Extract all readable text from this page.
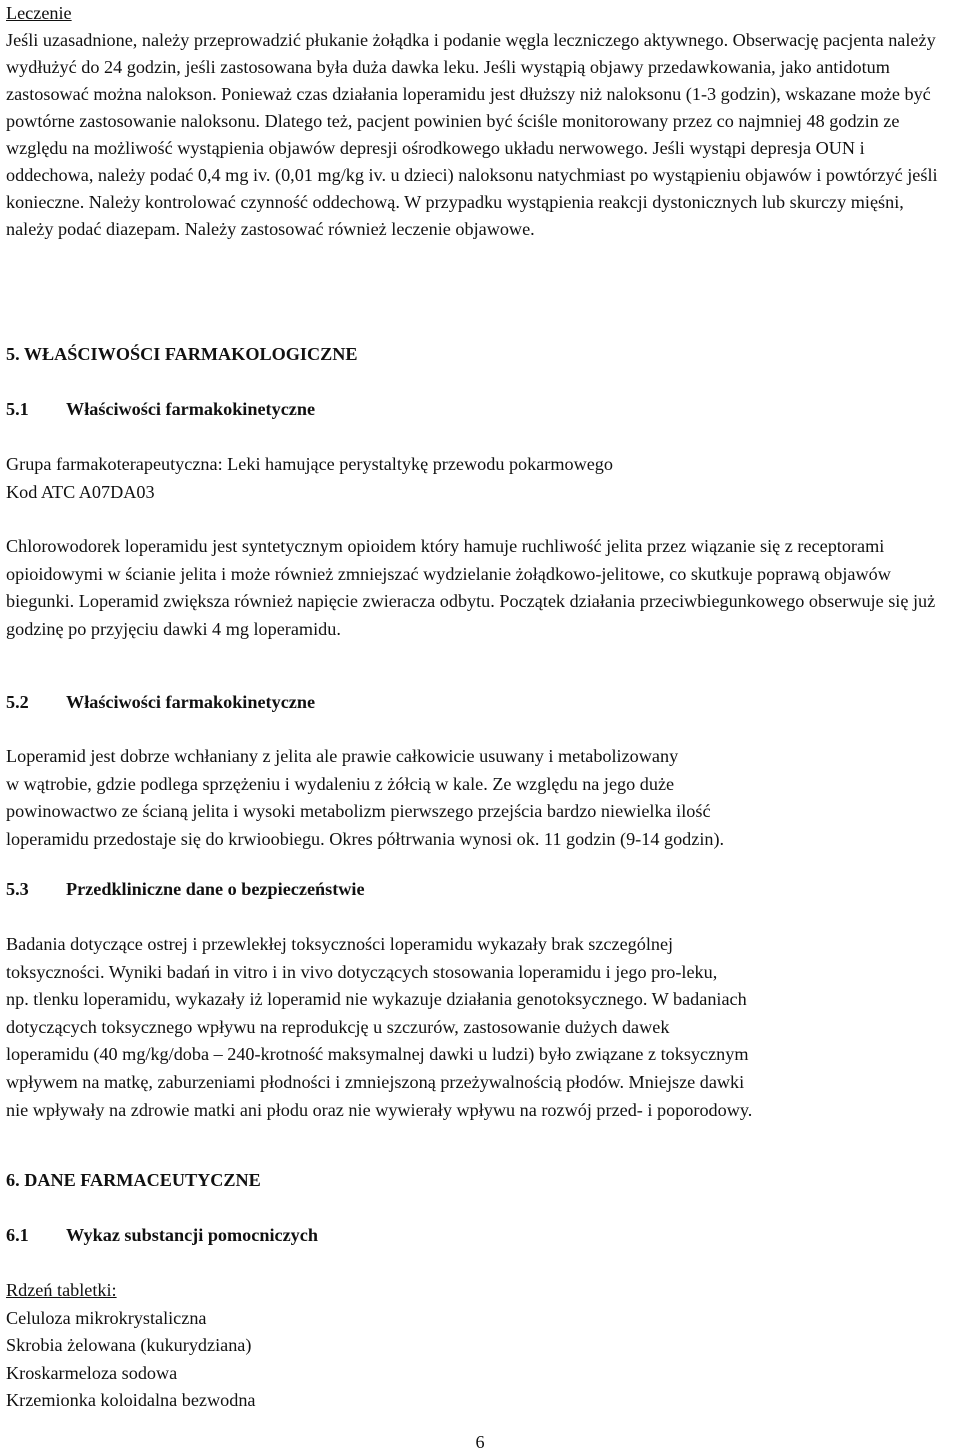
Leczenie
Jeśli uzasadnione, należy przeprowadzić płukanie żołądka i podanie węgla leczniczego aktywnego. Obserwację pacjenta należy wydłużyć do 24 godzin, jeśli zastosowana była duża dawka leku. Jeśli wystąpią objawy przedawkowania, jako antidotum zastosować można nalokson. Ponieważ czas działania loperamidu jest dłuższy niż naloksonu (1-3 godzin), wskazane może być powtórne zastosowanie naloksonu. Dlatego też, pacjent powinien być ściśle monitorowany przez co najmniej 48 godzin ze względu na możliwość wystąpienia objawów depresji ośrodkowego układu nerwowego. Jeśli wystąpi depresja OUN i oddechowa, należy podać 0,4 mg iv. (0,01 mg/kg iv. u dzieci) naloksonu natychmiast po wystąpieniu objawów i powtórzyć jeśli konieczne. Należy kontrolować czynność oddechową. W przypadku wystąpienia reakcji dystonicznych lub skurczy mięśni, należy podać diazepam. Należy zastosować również leczenie objawowe.
5. WŁAŚCIWOŚCI FARMAKOLOGICZNE
5.1 Właściwości farmakokinetyczne
Grupa farmakoterapeutyczna: Leki hamujące perystaltykę przewodu pokarmowego
Kod ATC A07DA03
Chlorowodorek loperamidu jest syntetycznym opioidem który hamuje ruchliwość jelita przez wiązanie się z receptorami opioidowymi w ścianie jelita i może również zmniejszać wydzielanie żołądkowo-jelitowe, co skutkuje poprawą objawów biegunki. Loperamid zwiększa również napięcie zwieracza odbytu. Początek działania przeciwbiegunkowego obserwuje się już godzinę po przyjęciu dawki 4 mg loperamidu.
5.2 Właściwości farmakokinetyczne
Loperamid jest dobrze wchłaniany z jelita ale prawie całkowicie usuwany i metabolizowany
w wątrobie, gdzie podlega sprzężeniu i wydaleniu z żółcią w kale. Ze względu na jego duże
powinowactwo ze ścianą jelita i wysoki metabolizm pierwszego przejścia bardzo niewielka ilość
loperamidu przedostaje się do krwioobiegu. Okres półtrwania wynosi ok. 11 godzin (9-14 godzin).
5.3 Przedkliniczne dane o bezpieczeństwie
Badania dotyczące ostrej i przewlekłej toksyczności loperamidu wykazały brak szczególnej
toksyczności. Wyniki badań in vitro i in vivo dotyczących stosowania loperamidu i jego pro-leku,
np. tlenku loperamidu, wykazały iż loperamid nie wykazuje działania genotoksycznego. W badaniach
dotyczących toksycznego wpływu na reprodukcję u szczurów, zastosowanie dużych dawek
loperamidu (40 mg/kg/doba – 240-krotność maksymalnej dawki u ludzi) było związane z toksycznym
wpływem na matkę, zaburzeniami płodności i zmniejszoną przeżywalnością płodów. Mniejsze dawki
nie wpływały na zdrowie matki ani płodu oraz nie wywierały wpływu na rozwój przed- i poporodowy.
6. DANE FARMACEUTYCZNE
6.1 Wykaz substancji pomocniczych
Rdzeń tabletki:
Celuloza mikrokrystaliczna
Skrobia żelowana (kukurydziana)
Kroskarmeloza sodowa
Krzemionka koloidalna bezwodna
6
